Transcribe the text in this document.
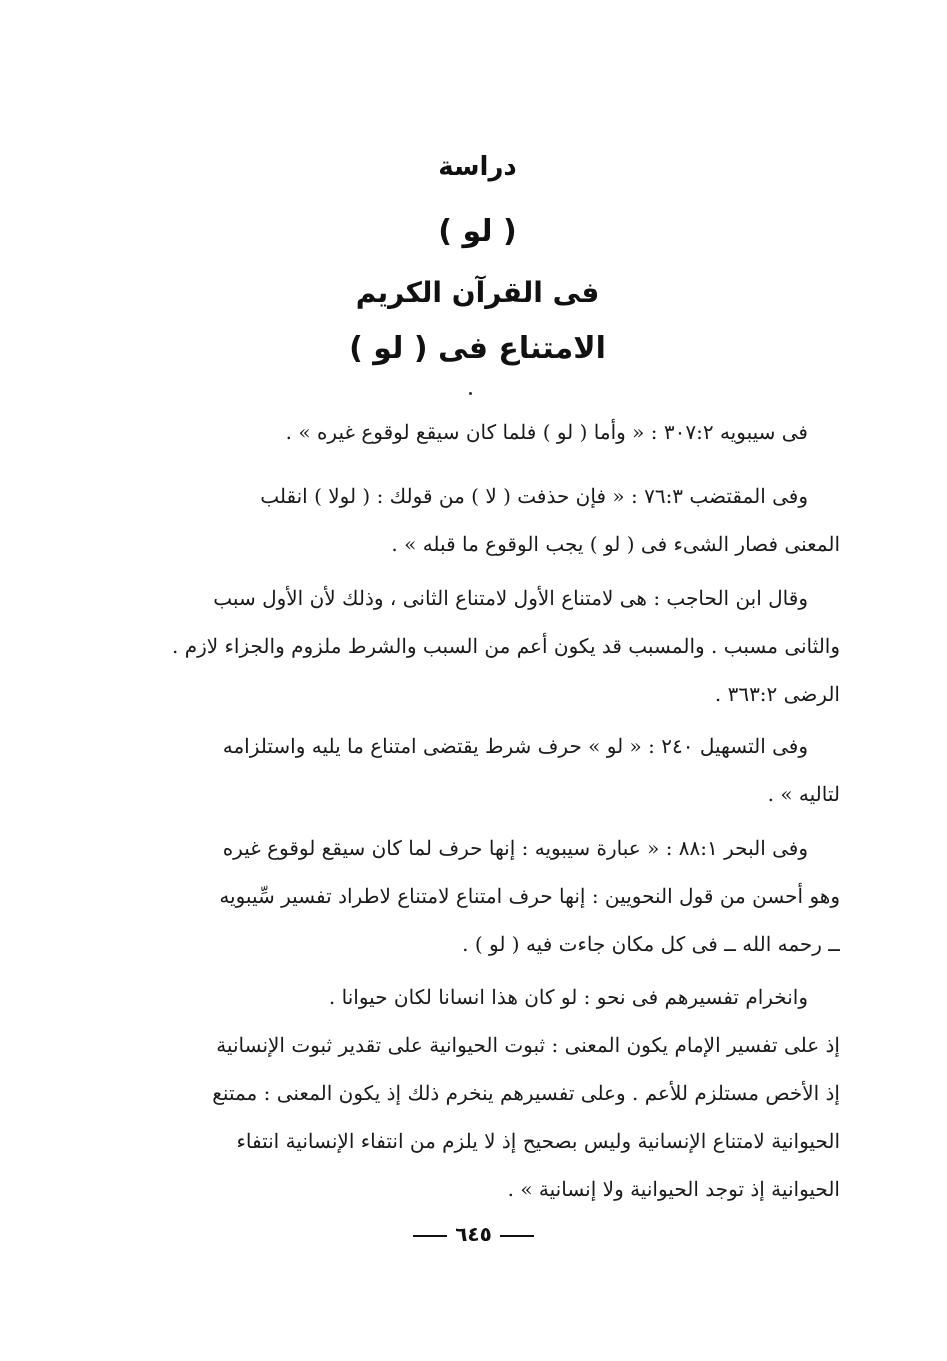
دراسة
( لو )
فى القرآن الكريم
الامتناع فى ( لو )
فى سيبويه ٣٠٧:٢ : « وأما ( لو ) فلما كان سيقع لوقوع غيره » .
وفى المقتضب ٧٦:٣ : « فإن حذفت ( لا ) من قولك : ( لولا ) انقلب
المعنى فصار الشىء فى ( لو ) يجب الوقوع ما قبله » .
وقال ابن الحاجب : هى لامتناع الأول لامتناع الثانى ، وذلك لأن الأول سبب
والثانى مسبب . والمسبب قد يكون أعم من السبب والشرط ملزوم والجزاء لازم .
الرضى ٣٦٣:٢ .
وفى التسهيل ٢٤٠ : « لو » حرف شرط يقتضى امتناع ما يليه واستلزامه
لتاليه » .
وفى البحر ٨٨:١ : « عبارة سيبويه : إنها حرف لما كان سيقع لوقوع غيره
وهو أحسن من قول النحويين : إنها حرف امتناع لامتناع لاطراد تفسير سِّيبويه
ــ رحمه الله ــ فى كل مكان جاءت فيه ( لو ) .
وانخرام تفسيرهم فى نحو : لو كان هذا انسانا لكان حيوانا .
إذ على تفسير الإمام يكون المعنى : ثبوت الحيوانية على تقدير ثبوت الإنسانية
إذ الأخص مستلزم للأعم . وعلى تفسيرهم ينخرم ذلك إذ يكون المعنى : ممتنع
الحيوانية لامتناع الإنسانية وليس بصحيح إذ لا يلزم من انتفاء الإنسانية انتفاء
الحيوانية إذ توجد الحيوانية ولا إنسانية » .
٦٤٥
